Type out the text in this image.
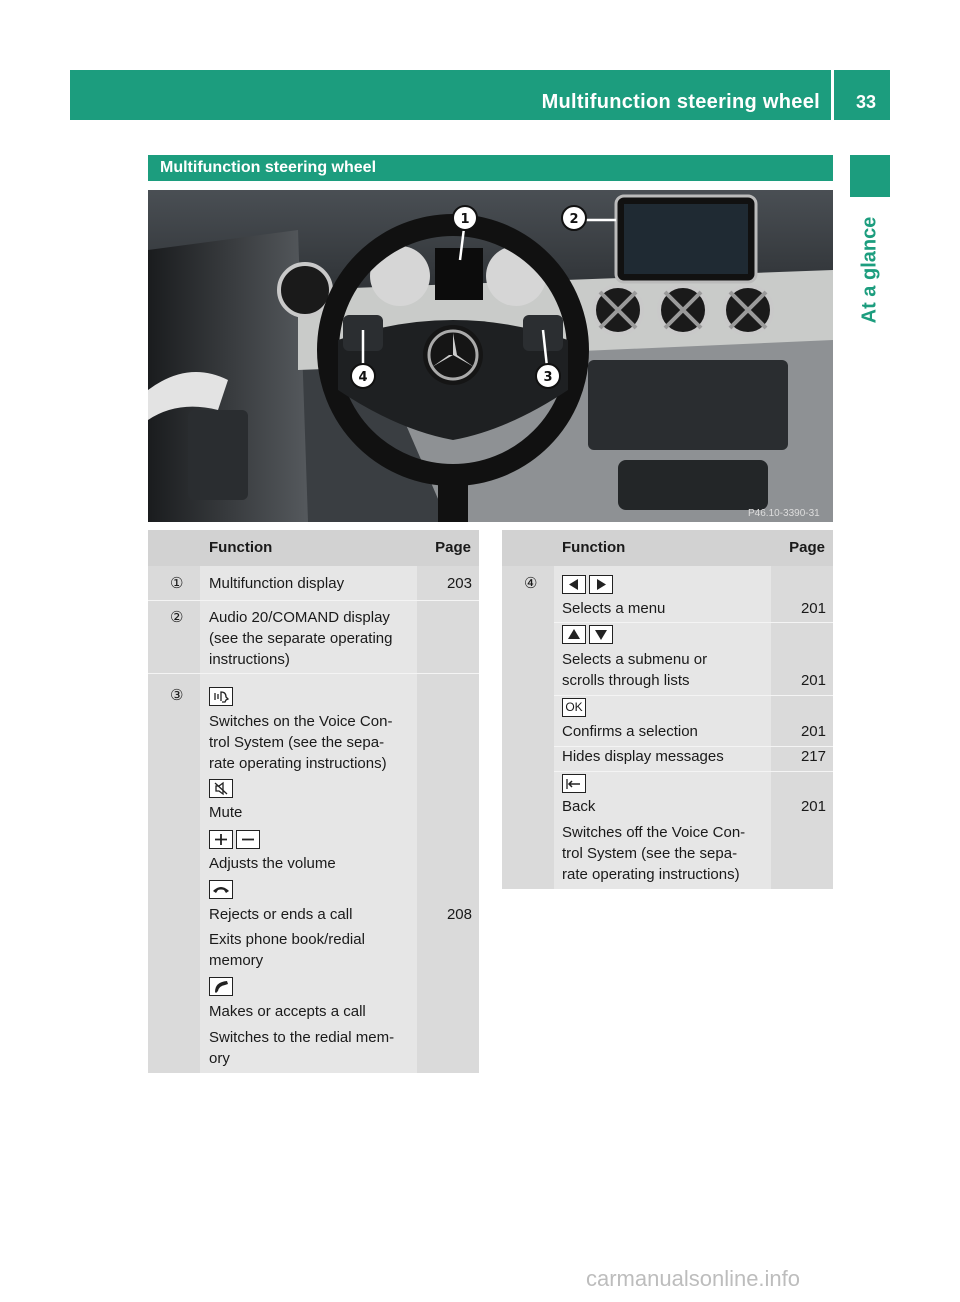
Multifunction steering wheel 33
At a glance
Multifunction steering wheel
1	2
3
4
P46.10-3390-31
Function	Page
① Multifunction display	203
② Audio 20/COMAND display
(see the separate operating
instructions)
③
Switches on the Voice Con-
trol System (see the sepa-
rate operating instructions)
Mute
Adjusts the volume
Rejects or ends a call	208
Exits phone book/redial
memory
Makes or accepts a call
Switches to the redial mem-
ory
Function	Page
④
Selects a menu	201
Selects a submenu or
scrolls through lists	201
OK
Confirms a selection	201
Hides display messages	217
Back	201
Switches off the Voice Con-
trol System (see the sepa-
rate operating instructions)
carmanualsonline.info
